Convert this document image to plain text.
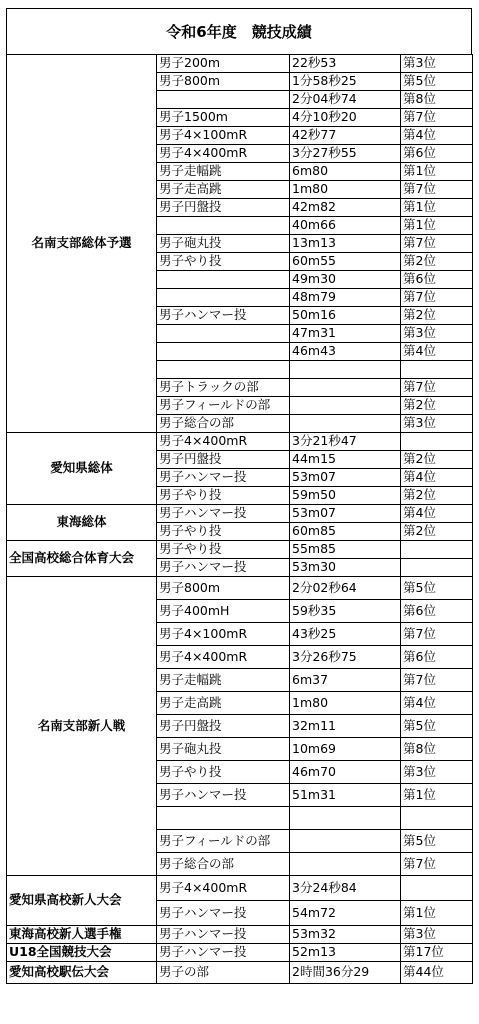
令和6年度　競技成績
名南支部総体予選	男子200m	22秒53	第3位
	男子800m	1分58秒25	第5位
		2分04秒74	第8位
	男子1500m	4分10秒20	第7位
	男子4×100mR	42秒77	第4位
	男子4×400mR	3分27秒55	第6位
	男子走幅跳	6m80	第1位
	男子走高跳	1m80	第7位
	男子円盤投	42m82	第1位
		40m66	第1位
	男子砲丸投	13m13	第7位
	男子やり投	60m55	第2位
		49m30	第6位
		48m79	第7位
	男子ハンマー投	50m16	第2位
		47m31	第3位
		46m43	第4位

	男子トラックの部		第7位
	男子フィールドの部		第2位
	男子総合の部		第3位
愛知県総体	男子4×400mR	3分21秒47	
	男子円盤投	44m15	第2位
	男子ハンマー投	53m07	第4位
	男子やり投	59m50	第2位
東海総体	男子ハンマー投	53m07	第4位
	男子やり投	60m85	第2位
全国高校総合体育大会	男子やり投	55m85	
	男子ハンマー投	53m30	
名南支部新人戦	男子800m	2分02秒64	第5位
	男子400mH	59秒35	第6位
	男子4×100mR	43秒25	第7位
	男子4×400mR	3分26秒75	第6位
	男子走幅跳	6m37	第7位
	男子走高跳	1m80	第4位
	男子円盤投	32m11	第5位
	男子砲丸投	10m69	第8位
	男子やり投	46m70	第3位
	男子ハンマー投	51m31	第1位

	男子フィールドの部		第5位
	男子総合の部		第7位
愛知県高校新人大会	男子4×400mR	3分24秒84	
	男子ハンマー投	54m72	第1位
東海高校新人選手権	男子ハンマー投	53m32	第3位
U18全国競技大会	男子ハンマー投	52m13	第17位
愛知高校駅伝大会	男子の部	2時間36分29	第44位
